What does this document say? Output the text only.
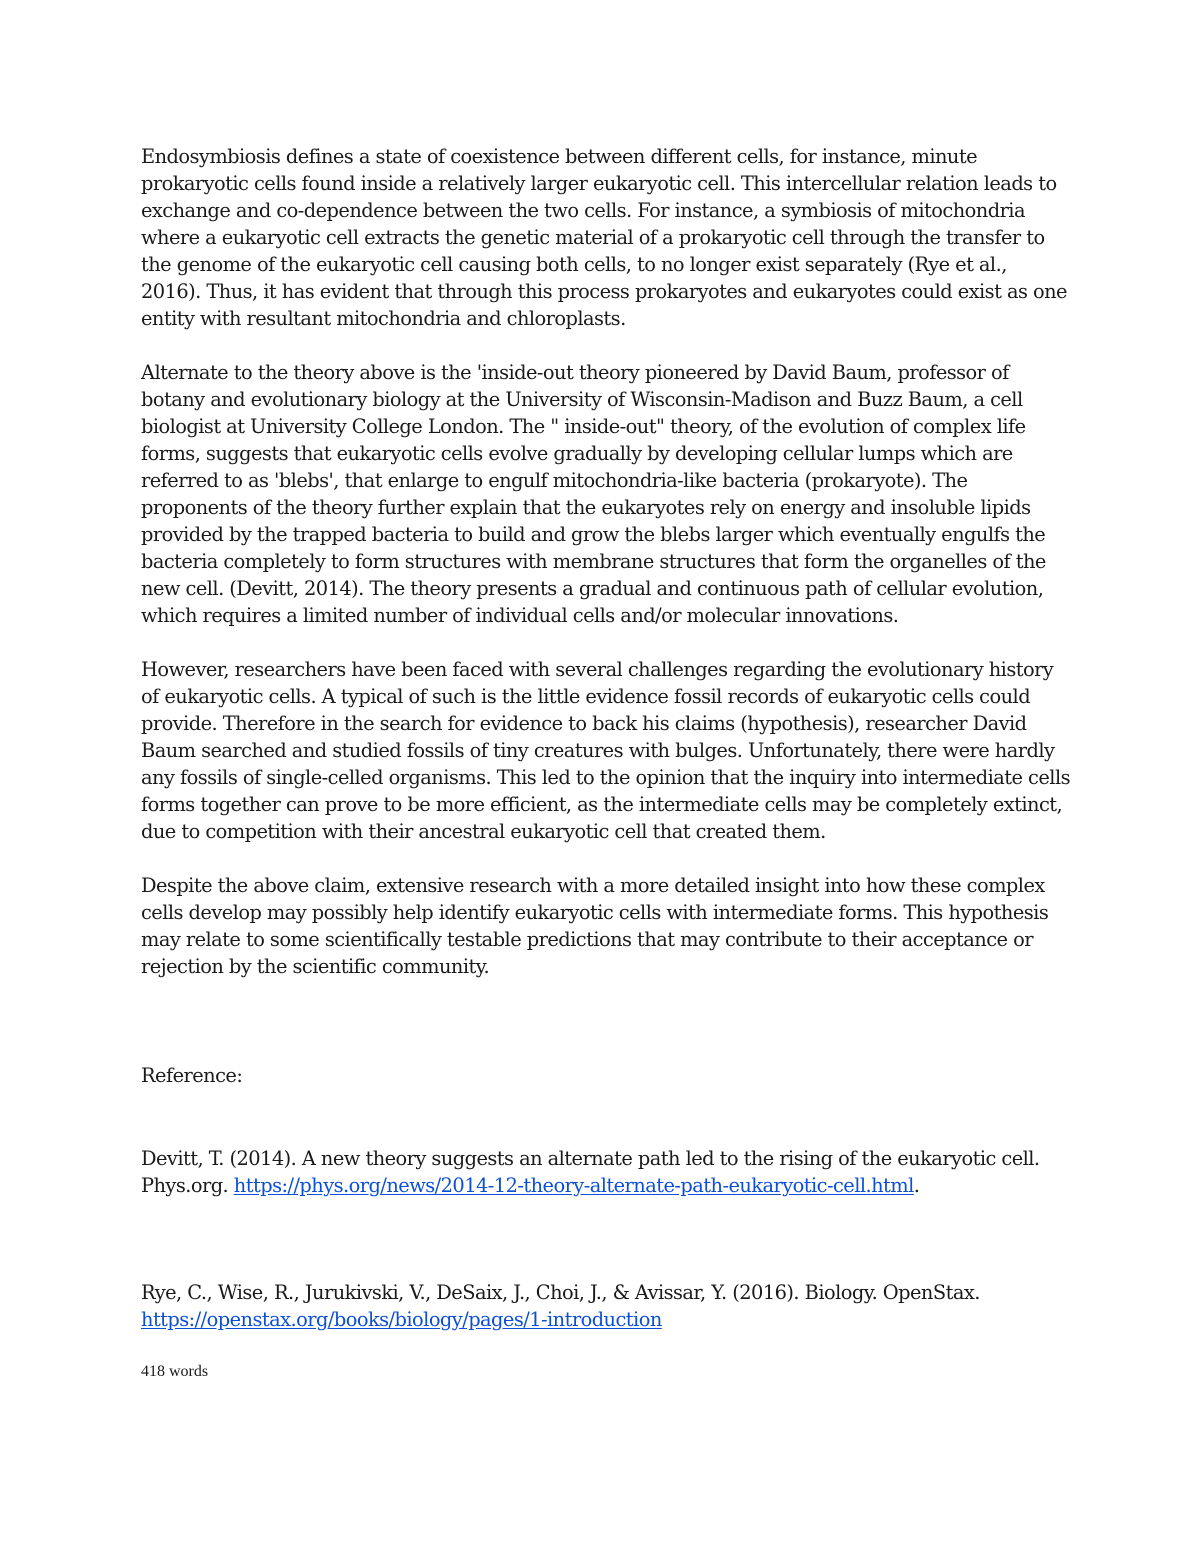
Endosymbiosis defines a state of coexistence between different cells, for instance, minute prokaryotic cells found inside a relatively larger eukaryotic cell. This intercellular relation leads to exchange and co-dependence between the two cells. For instance, a symbiosis of mitochondria where a eukaryotic cell extracts the genetic material of a prokaryotic cell through the transfer to the genome of the eukaryotic cell causing both cells, to no longer exist separately (Rye et al., 2016). Thus, it has evident that through this process prokaryotes and eukaryotes could exist as one entity with resultant mitochondria and chloroplasts.

Alternate to the theory above is the 'inside-out theory pioneered by David Baum, professor of botany and evolutionary biology at the University of Wisconsin-Madison and Buzz Baum, a cell biologist at University College London. The " inside-out" theory, of the evolution of complex life forms, suggests that eukaryotic cells evolve gradually by developing cellular lumps which are referred to as 'blebs', that enlarge to engulf mitochondria-like bacteria (prokaryote). The proponents of the theory further explain that the eukaryotes rely on energy and insoluble lipids provided by the trapped bacteria to build and grow the blebs larger which eventually engulfs the bacteria completely to form structures with membrane structures that form the organelles of the new cell. (Devitt, 2014). The theory presents a gradual and continuous path of cellular evolution, which requires a limited number of individual cells and/or molecular innovations.

However, researchers have been faced with several challenges regarding the evolutionary history of eukaryotic cells. A typical of such is the little evidence fossil records of eukaryotic cells could provide. Therefore in the search for evidence to back his claims (hypothesis), researcher David Baum searched and studied fossils of tiny creatures with bulges. Unfortunately, there were hardly any fossils of single-celled organisms. This led to the opinion that the inquiry into intermediate cells forms together can prove to be more efficient, as the intermediate cells may be completely extinct, due to competition with their ancestral eukaryotic cell that created them.

Despite the above claim, extensive research with a more detailed insight into how these complex cells develop may possibly help identify eukaryotic cells with intermediate forms. This hypothesis may relate to some scientifically testable predictions that may contribute to their acceptance or rejection by the scientific community.

Reference:

Devitt, T. (2014). A new theory suggests an alternate path led to the rising of the eukaryotic cell. Phys.org. https://phys.org/news/2014-12-theory-alternate-path-eukaryotic-cell.html.

Rye, C., Wise, R., Jurukivski, V., DeSaix, J., Choi, J., & Avissar, Y. (2016). Biology. OpenStax.
https://openstax.org/books/biology/pages/1-introduction

418 words
